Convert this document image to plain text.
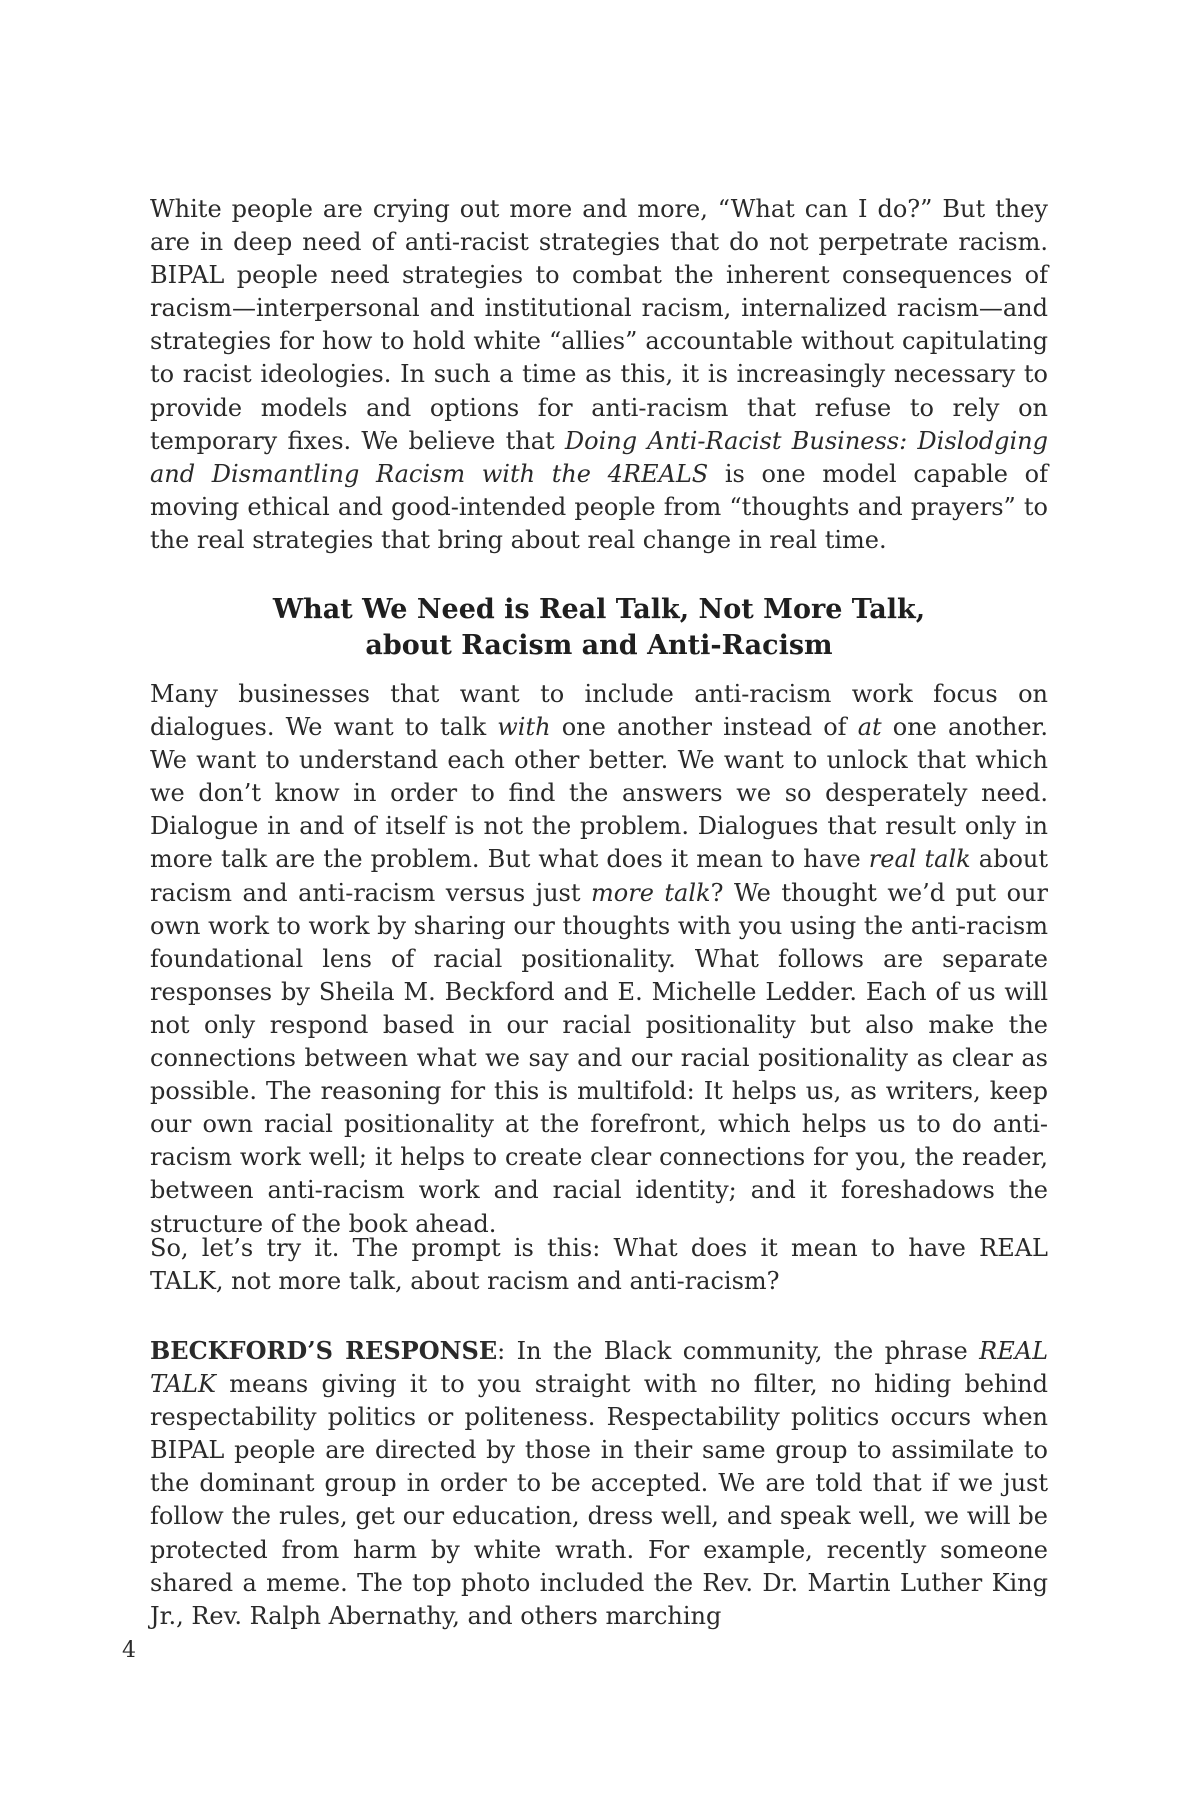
White people are crying out more and more, “What can I do?” But they are in deep need of anti-racist strategies that do not perpetrate racism. BIPAL people need strategies to combat the inherent consequences of racism—interpersonal and institutional racism, internalized racism—and strategies for how to hold white “allies” accountable without capitulating to racist ideologies. In such a time as this, it is increasingly necessary to provide models and options for anti-racism that refuse to rely on temporary fixes. We believe that Doing Anti-Racist Business: Dislodging and Dismantling Racism with the 4REALS is one model capable of moving ethical and good-intended people from “thoughts and prayers” to the real strategies that bring about real change in real time.

What We Need is Real Talk, Not More Talk,
about Racism and Anti-Racism

Many businesses that want to include anti-racism work focus on dialogues. We want to talk with one another instead of at one another. We want to understand each other better. We want to unlock that which we don’t know in order to find the answers we so desperately need. Dialogue in and of itself is not the problem. Dialogues that result only in more talk are the problem. But what does it mean to have real talk about racism and anti-racism versus just more talk? We thought we’d put our own work to work by sharing our thoughts with you using the anti-racism foundational lens of racial positionality. What follows are separate responses by Sheila M. Beckford and E. Michelle Ledder. Each of us will not only respond based in our racial positionality but also make the connections between what we say and our racial positionality as clear as possible. The reasoning for this is multifold: It helps us, as writers, keep our own racial positionality at the forefront, which helps us to do anti-racism work well; it helps to create clear connections for you, the reader, between anti-racism work and racial identity; and it foreshadows the structure of the book ahead.

So, let’s try it. The prompt is this: What does it mean to have REAL TALK, not more talk, about racism and anti-racism?

BECKFORD’S RESPONSE: In the Black community, the phrase REAL TALK means giving it to you straight with no filter, no hiding behind respectability politics or politeness. Respectability politics occurs when BIPAL people are directed by those in their same group to assimilate to the dominant group in order to be accepted. We are told that if we just follow the rules, get our education, dress well, and speak well, we will be protected from harm by white wrath. For example, recently someone shared a meme. The top photo included the Rev. Dr. Martin Luther King Jr., Rev. Ralph Abernathy, and others marching

4
